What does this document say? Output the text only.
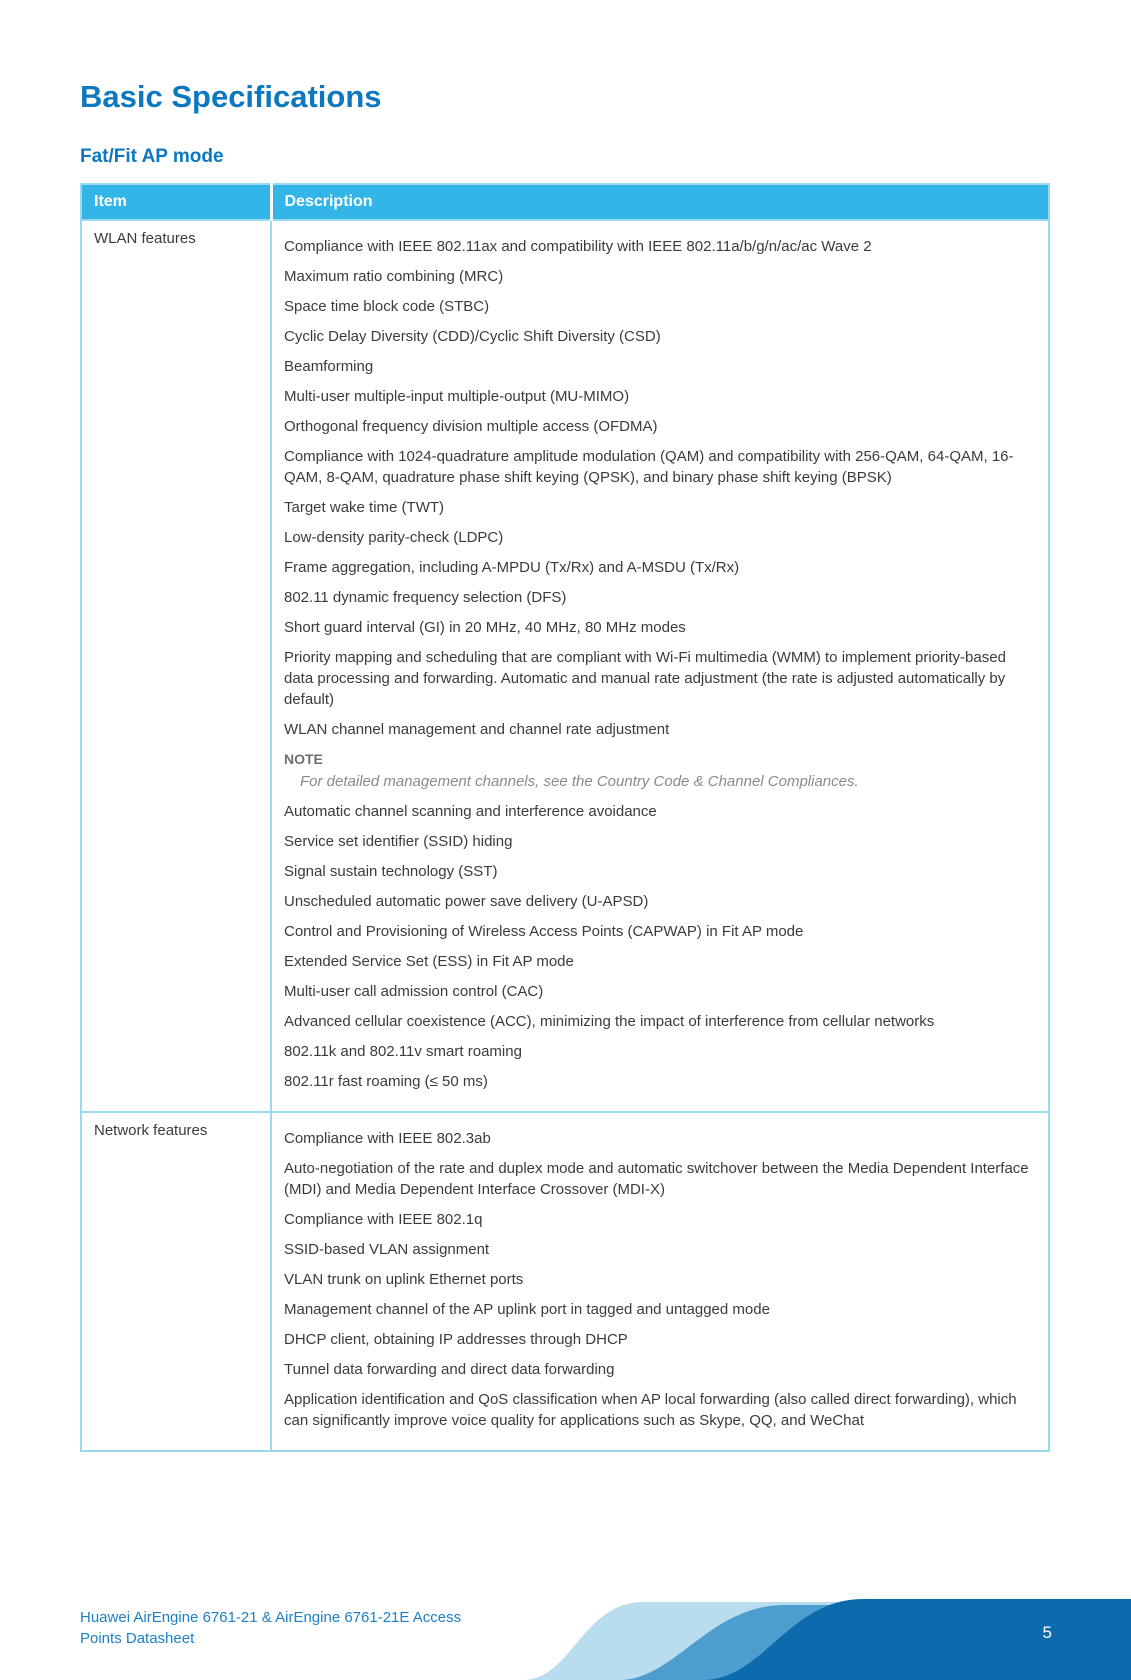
Basic Specifications
Fat/Fit AP mode
Item	Description
WLAN features	Compliance with IEEE 802.11ax and compatibility with IEEE 802.11a/b/g/n/ac/ac Wave 2

Maximum ratio combining (MRC)

Space time block code (STBC)

Cyclic Delay Diversity (CDD)/Cyclic Shift Diversity (CSD)

Beamforming

Multi-user multiple-input multiple-output (MU-MIMO)

Orthogonal frequency division multiple access (OFDMA)

Compliance with 1024-quadrature amplitude modulation (QAM) and compatibility with 256-QAM, 64-QAM, 16-QAM, 8-QAM, quadrature phase shift keying (QPSK), and binary phase shift keying (BPSK)

Target wake time (TWT)

Low-density parity-check (LDPC)

Frame aggregation, including A-MPDU (Tx/Rx) and A-MSDU (Tx/Rx)

802.11 dynamic frequency selection (DFS)

Short guard interval (GI) in 20 MHz, 40 MHz, 80 MHz modes

Priority mapping and scheduling that are compliant with Wi-Fi multimedia (WMM) to implement priority-based data processing and forwarding. Automatic and manual rate adjustment (the rate is adjusted automatically by default)

WLAN channel management and channel rate adjustment

NOTE

For detailed management channels, see the Country Code & Channel Compliances.

Automatic channel scanning and interference avoidance

Service set identifier (SSID) hiding

Signal sustain technology (SST)

Unscheduled automatic power save delivery (U-APSD)

Control and Provisioning of Wireless Access Points (CAPWAP) in Fit AP mode

Extended Service Set (ESS) in Fit AP mode

Multi-user call admission control (CAC)

Advanced cellular coexistence (ACC), minimizing the impact of interference from cellular networks

802.11k and 802.11v smart roaming

802.11r fast roaming (≤ 50 ms)

Network features	Compliance with IEEE 802.3ab

Auto-negotiation of the rate and duplex mode and automatic switchover between the Media Dependent Interface (MDI) and Media Dependent Interface Crossover (MDI-X)

Compliance with IEEE 802.1q

SSID-based VLAN assignment

VLAN trunk on uplink Ethernet ports

Management channel of the AP uplink port in tagged and untagged mode

DHCP client, obtaining IP addresses through DHCP

Tunnel data forwarding and direct data forwarding

Application identification and QoS classification when AP local forwarding (also called direct forwarding), which can significantly improve voice quality for applications such as Skype, QQ, and WeChat

Huawei AirEngine 6761-21 & AirEngine 6761-21E Access Points Datasheet	5
